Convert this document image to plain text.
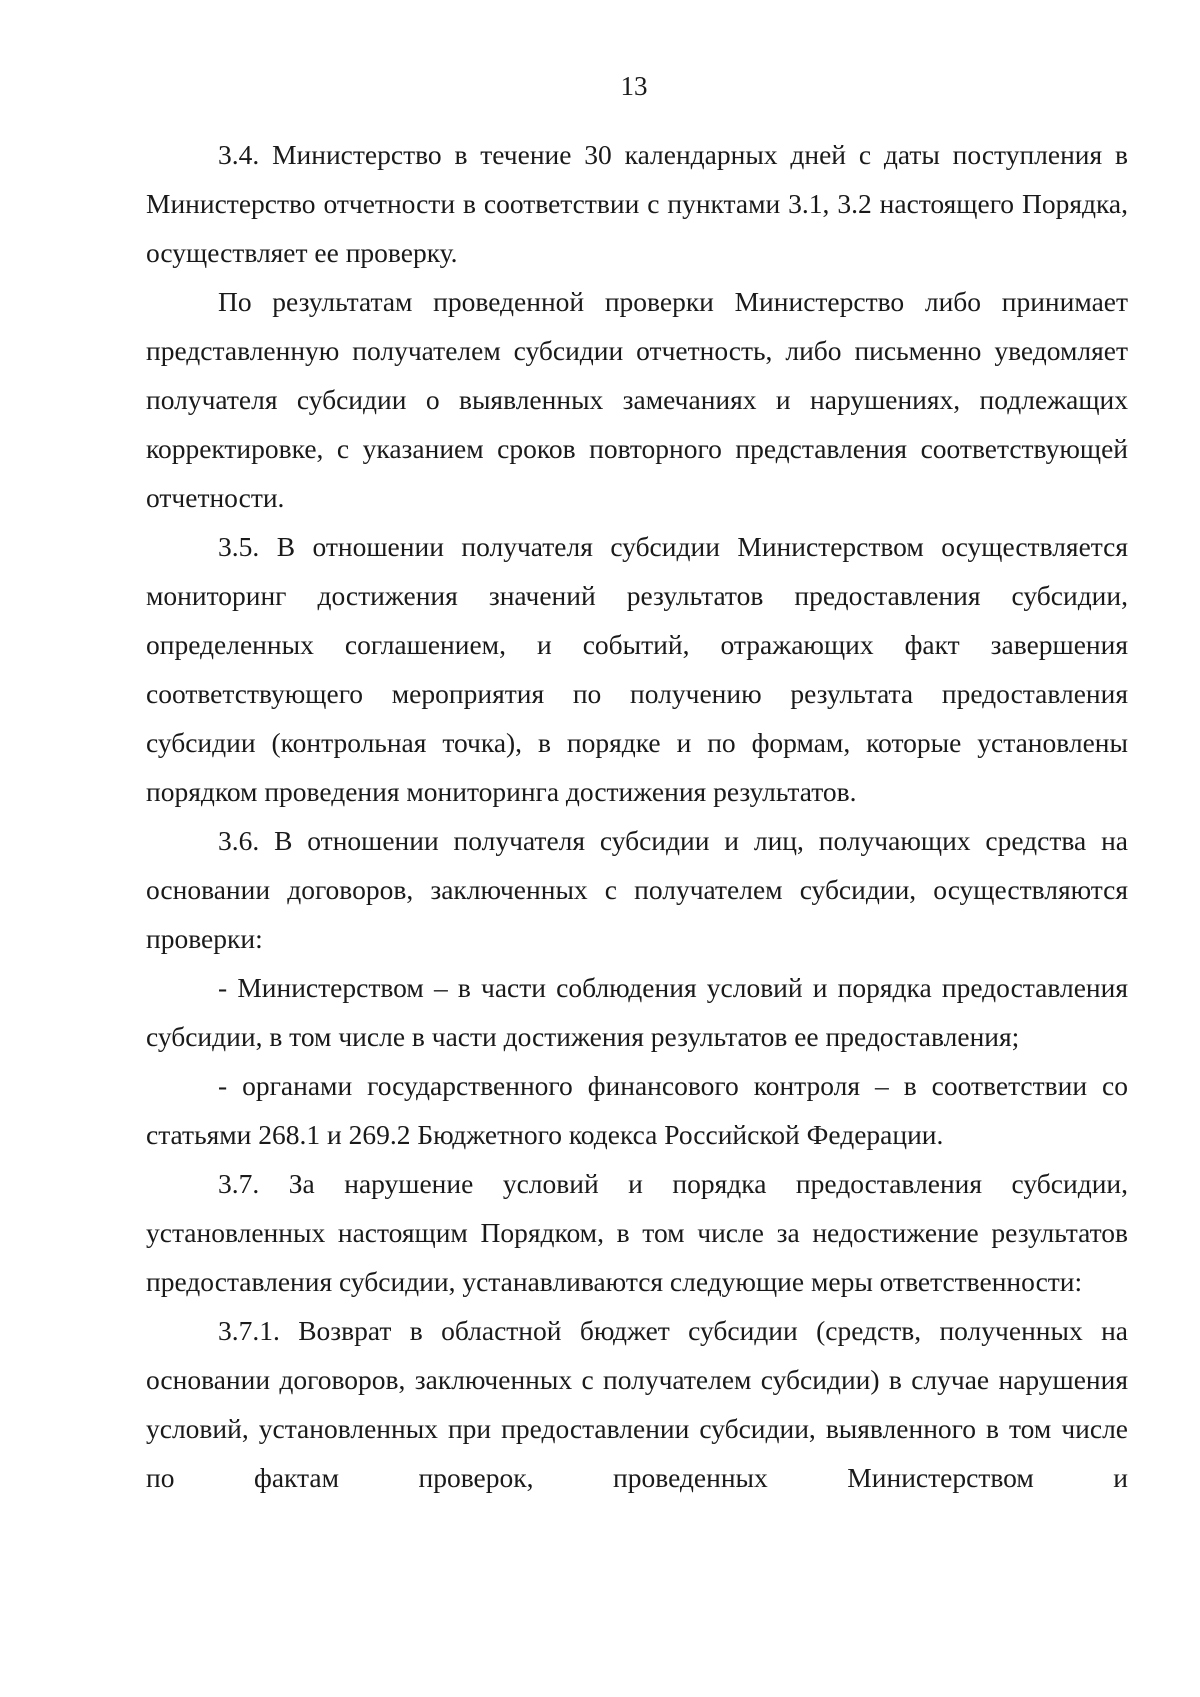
13

3.4. Министерство в течение 30 календарных дней с даты поступления в Министерство отчетности в соответствии с пунктами 3.1, 3.2 настоящего Порядка, осуществляет ее проверку.

По результатам проведенной проверки Министерство либо принимает представленную получателем субсидии отчетность, либо письменно уведомляет получателя субсидии о выявленных замечаниях и нарушениях, подлежащих корректировке, с указанием сроков повторного представления соответствующей отчетности.

3.5. В отношении получателя субсидии Министерством осуществляется мониторинг достижения значений результатов предоставления субсидии, определенных соглашением, и событий, отражающих факт завершения соответствующего мероприятия по получению результата предоставления субсидии (контрольная точка), в порядке и по формам, которые установлены порядком проведения мониторинга достижения результатов.

3.6. В отношении получателя субсидии и лиц, получающих средства на основании договоров, заключенных с получателем субсидии, осуществляются проверки:

- Министерством – в части соблюдения условий и порядка предоставления субсидии, в том числе в части достижения результатов ее предоставления;

- органами государственного финансового контроля – в соответствии со статьями 268.1 и 269.2 Бюджетного кодекса Российской Федерации.

3.7. За нарушение условий и порядка предоставления субсидии, установленных настоящим Порядком, в том числе за недостижение результатов предоставления субсидии, устанавливаются следующие меры ответственности:

3.7.1. Возврат в областной бюджет субсидии (средств, полученных на основании договоров, заключенных с получателем субсидии) в случае нарушения условий, установленных при предоставлении субсидии, выявленного в том числе по фактам проверок, проведенных Министерством и
